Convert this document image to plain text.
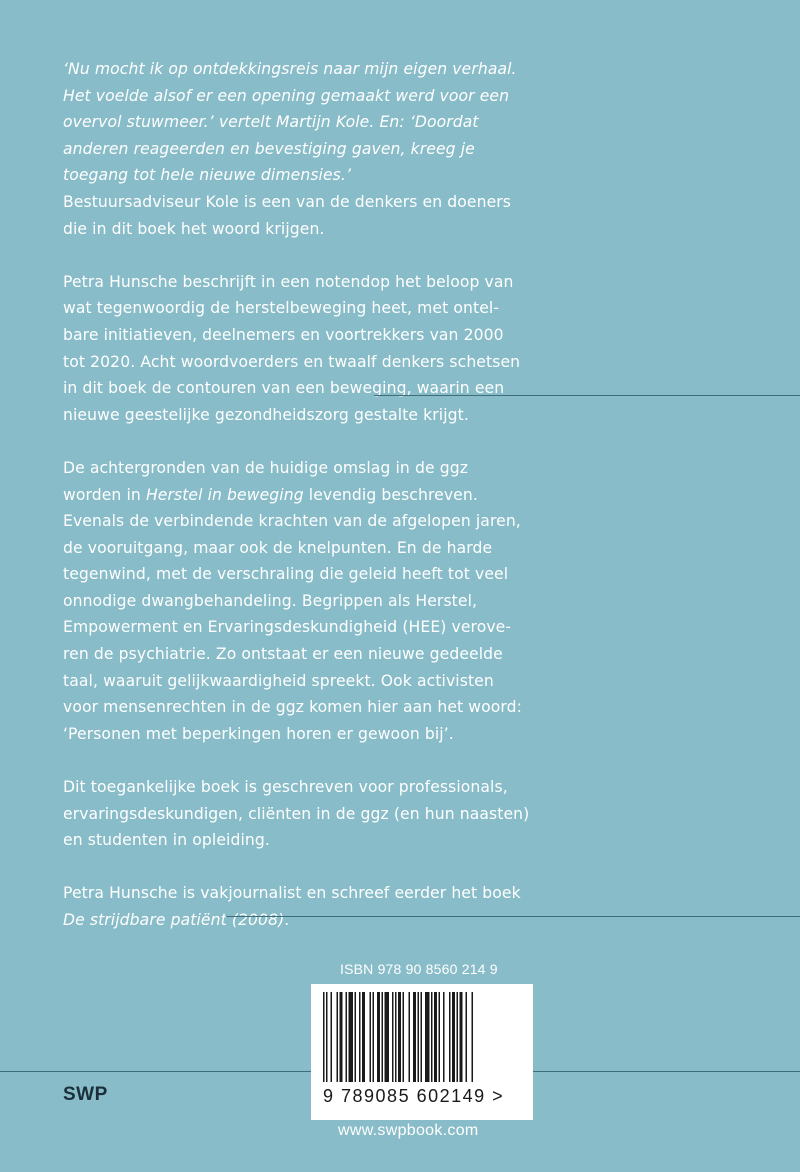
‘Nu mocht ik op ontdekkingsreis naar mijn eigen verhaal.
Het voelde alsof er een opening gemaakt werd voor een
overvol stuwmeer.’ vertelt Martijn Kole. En: ‘Doordat
anderen reageerden en bevestiging gaven, kreeg je
toegang tot hele nieuwe dimensies.’

Bestuursadviseur Kole is een van de denkers en doeners
die in dit boek het woord krijgen.

Petra Hunsche beschrijft in een notendop het beloop van
wat tegenwoordig de herstelbeweging heet, met ontel-
bare initiatieven, deelnemers en voortrekkers van 2000
tot 2020. Acht woordvoerders en twaalf denkers schetsen
in dit boek de contouren van een beweging, waarin een
nieuwe geestelijke gezondheidszorg gestalte krijgt.

De achtergronden van de huidige omslag in de ggz
worden in Herstel in beweging levendig beschreven.
Evenals de verbindende krachten van de afgelopen jaren,
de vooruitgang, maar ook de knelpunten. En de harde
tegenwind, met de verschraling die geleid heeft tot veel
onnodige dwangbehandeling. Begrippen als Herstel,
Empowerment en Ervaringsdeskundigheid (HEE) verove-
ren de psychiatrie. Zo ontstaat er een nieuwe gedeelde
taal, waaruit gelijkwaardigheid spreekt. Ook activisten
voor mensenrechten in de ggz komen hier aan het woord:
‘Personen met beperkingen horen er gewoon bij’.

Dit toegankelijke boek is geschreven voor professionals,
ervaringsdeskundigen, cliënten in de ggz (en hun naasten)
en studenten in opleiding.

Petra Hunsche is vakjournalist en schreef eerder het boek
De strijdbare patiënt (2008).

ISBN 978 90 8560 214 9
9 789085 602149 >
SWP
www.swpbook.com
